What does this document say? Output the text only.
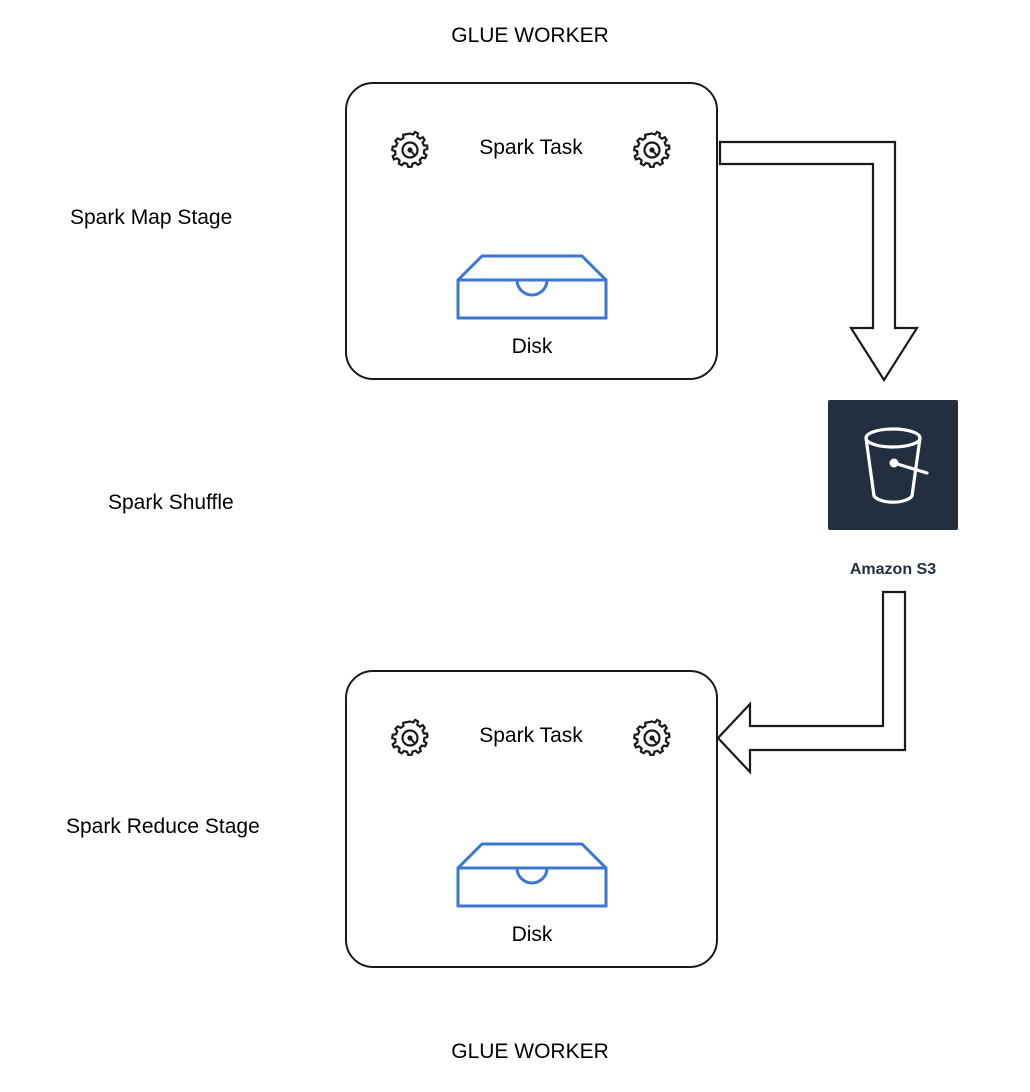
GLUE WORKER
Spark Map Stage
Spark Shuffle
Spark Reduce Stage
Spark Task
Disk
Amazon S3
Spark Task
Disk
GLUE WORKER
